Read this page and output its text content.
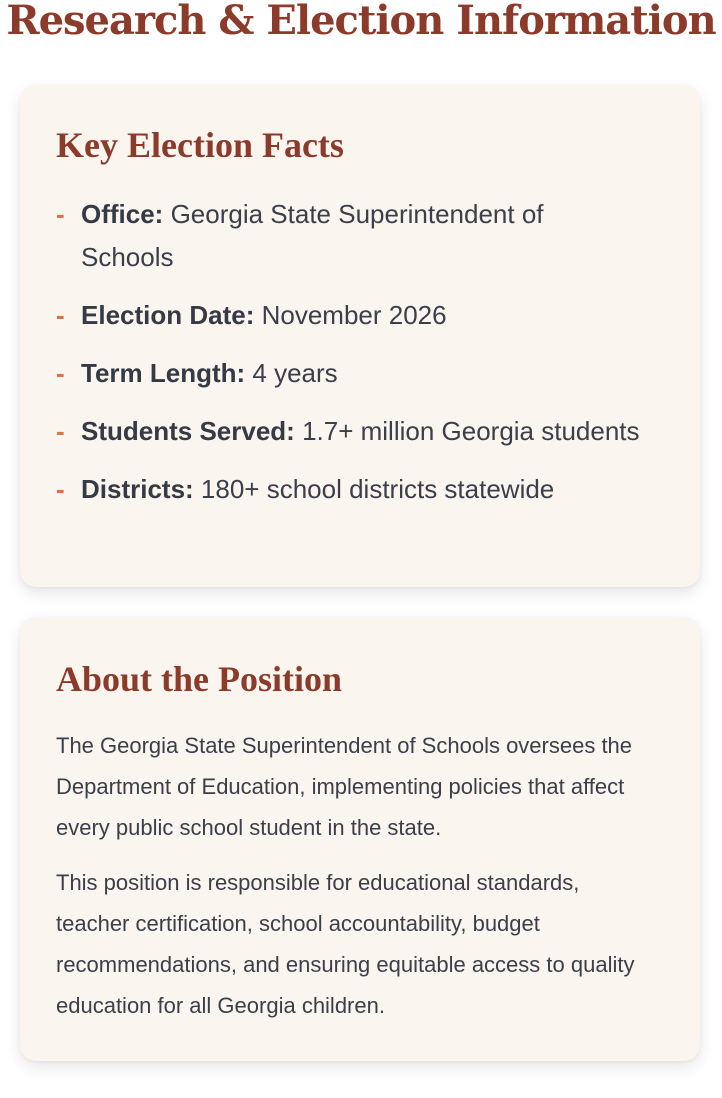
Research & Election Information
Key Election Facts
- Office: Georgia State Superintendent of Schools
- Election Date: November 2026
- Term Length: 4 years
- Students Served: 1.7+ million Georgia students
- Districts: 180+ school districts statewide
About the Position

The Georgia State Superintendent of Schools oversees the Department of Education, implementing policies that affect every public school student in the state.

This position is responsible for educational standards, teacher certification, school accountability, budget recommendations, and ensuring equitable access to quality education for all Georgia children.
